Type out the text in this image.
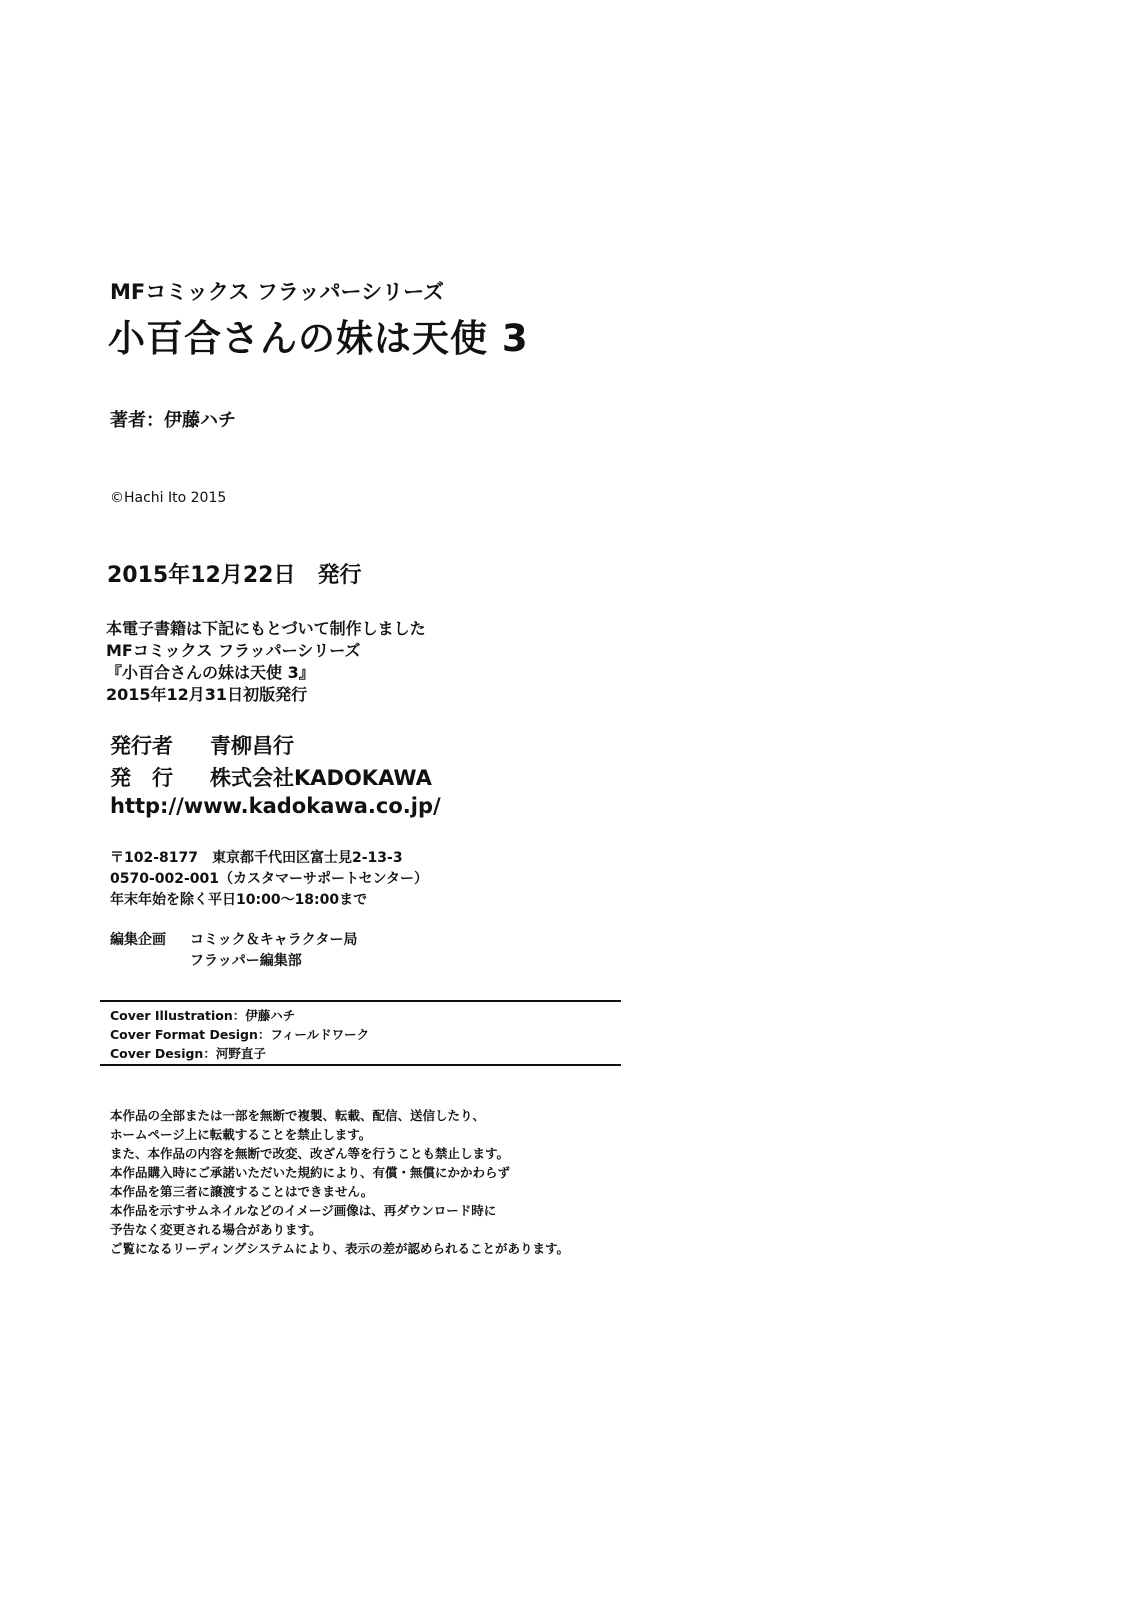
MFコミックス フラッパーシリーズ
小百合さんの妹は天使 3
著者：伊藤ハチ
©Hachi Ito 2015
2015年12月22日　発行
本電子書籍は下記にもとづいて制作しました
MFコミックス フラッパーシリーズ
『小百合さんの妹は天使 3』
2015年12月31日初版発行
発行者 青柳昌行
発　行 株式会社KADOKAWA
http://www.kadokawa.co.jp/
〒102-8177　東京都千代田区富士見2-13-3
0570-002-001（カスタマーサポートセンター）
年末年始を除く平日10:00～18:00まで
編集企画 コミック＆キャラクター局
フラッパー編集部
Cover Illustration：伊藤ハチ
Cover Format Design：フィールドワーク
Cover Design：河野直子
本作品の全部または一部を無断で複製、転載、配信、送信したり、
ホームページ上に転載することを禁止します。
また、本作品の内容を無断で改変、改ざん等を行うことも禁止します。
本作品購入時にご承諾いただいた規約により、有償・無償にかかわらず
本作品を第三者に譲渡することはできません。
本作品を示すサムネイルなどのイメージ画像は、再ダウンロード時に
予告なく変更される場合があります。
ご覧になるリーディングシステムにより、表示の差が認められることがあります。
